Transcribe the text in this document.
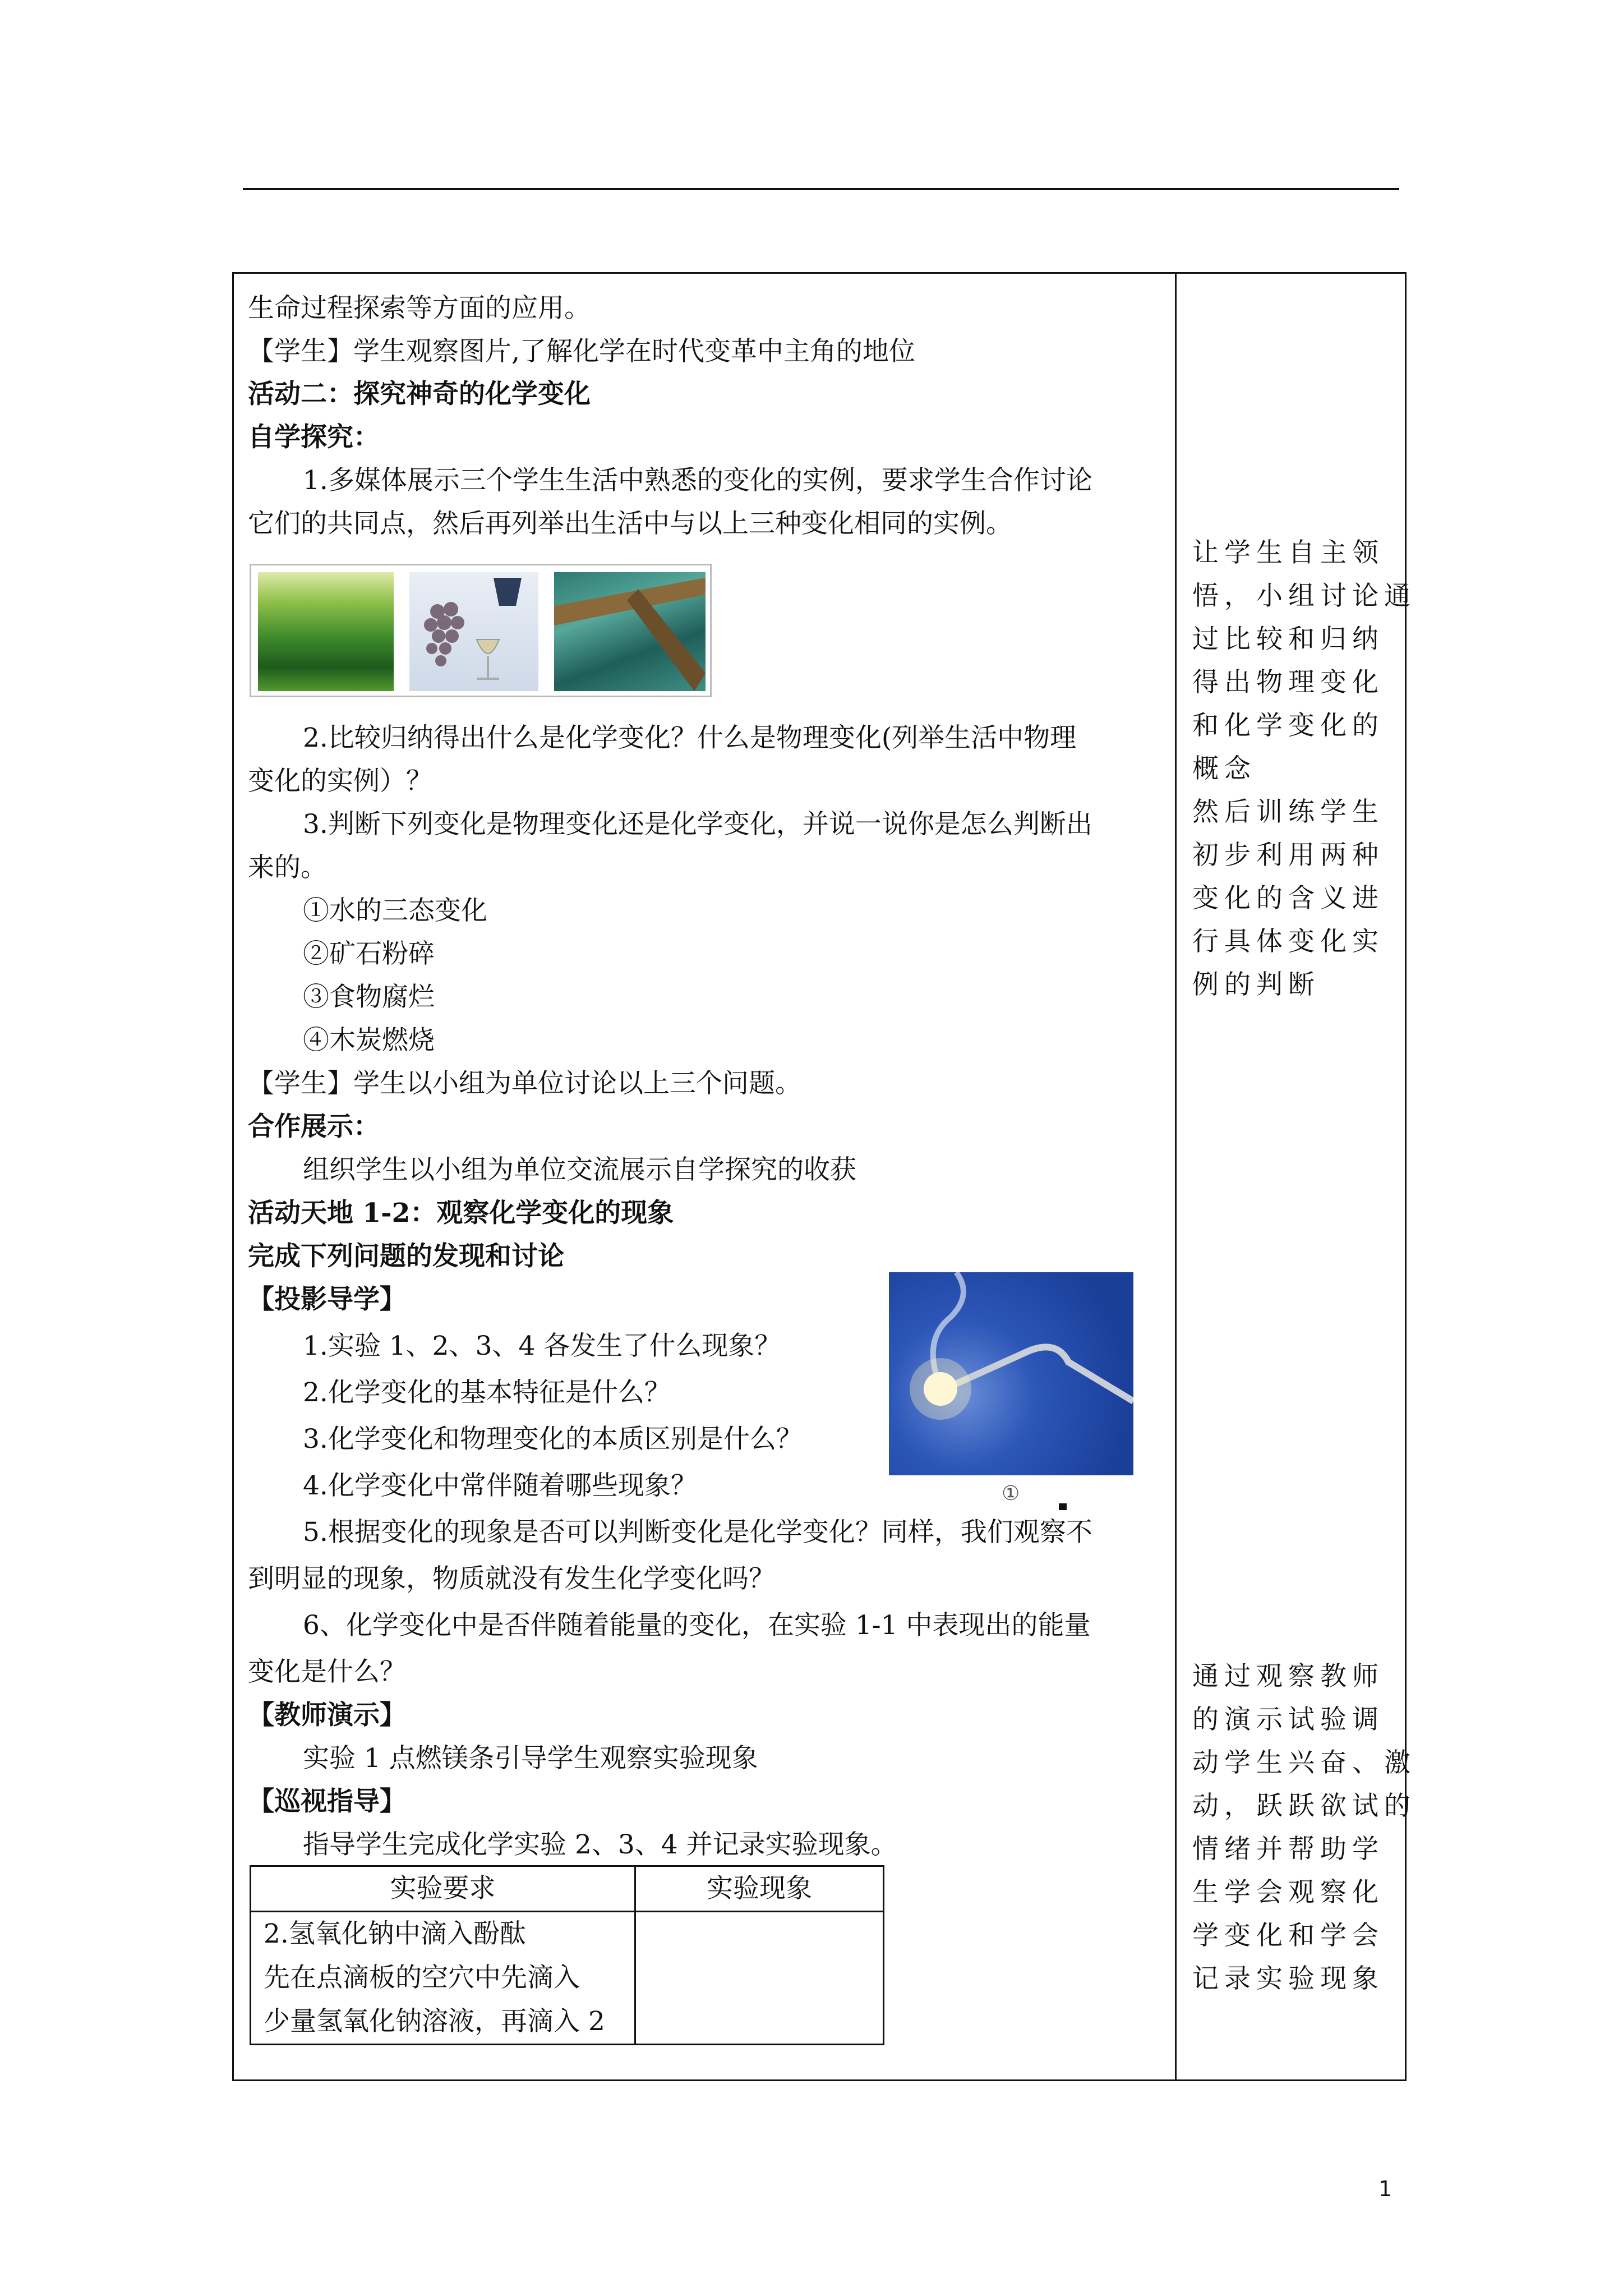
生命过程探索等方面的应用。
【学生】学生观察图片,了解化学在时代变革中主角的地位
活动二：探究神奇的化学变化
自学探究：
1.多媒体展示三个学生生活中熟悉的变化的实例，要求学生合作讨论
它们的共同点，然后再列举出生活中与以上三种变化相同的实例。
2.比较归纳得出什么是化学变化？什么是物理变化(列举生活中物理
变化的实例）？
3.判断下列变化是物理变化还是化学变化，并说一说你是怎么判断出
来的。
①水的三态变化
②矿石粉碎
③食物腐烂
④木炭燃烧
【学生】学生以小组为单位讨论以上三个问题。
合作展示：
组织学生以小组为单位交流展示自学探究的收获
活动天地 1-2：观察化学变化的现象
完成下列问题的发现和讨论
【投影导学】
①
1.实验 1、2、3、4 各发生了什么现象？
2.化学变化的基本特征是什么？
3.化学变化和物理变化的本质区别是什么？
4.化学变化中常伴随着哪些现象？
5.根据变化的现象是否可以判断变化是化学变化？同样，我们观察不
到明显的现象，物质就没有发生化学变化吗？
6、化学变化中是否伴随着能量的变化，在实验 1-1 中表现出的能量
变化是什么？
【教师演示】
实验 1 点燃镁条引导学生观察实验现象
【巡视指导】
指导学生完成化学实验 2、3、4 并记录实验现象。
实验要求	实验现象

2.氢氧化钠中滴入酚酞
先在点滴板的空穴中先滴入
少量氢氧化钠溶液，再滴入 2	

让学生自主领
悟，小组讨论通
过比较和归纳
得出物理变化
和化学变化的
概念
然后训练学生
初步利用两种
变化的含义进
行具体变化实
例的判断
通过观察教师
的演示试验调
动学生兴奋、激
动，跃跃欲试的
情绪并帮助学
生学会观察化
学变化和学会
记录实验现象
1
